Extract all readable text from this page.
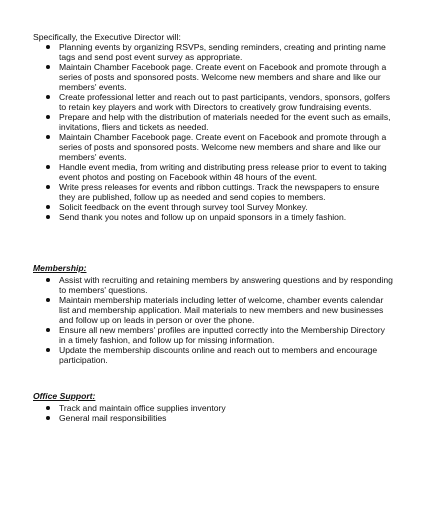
Specifically, the Executive Director will:
Planning events by organizing RSVPs, sending reminders, creating and printing name tags and send post event survey as appropriate.
Maintain Chamber Facebook page. Create event on Facebook and promote through a series of posts and sponsored posts. Welcome new members and share and like our members' events.
Create professional letter and reach out to past participants, vendors, sponsors, golfers to retain key players and work with Directors to creatively grow fundraising events.
Prepare and help with the distribution of materials needed for the event such as emails, invitations, fliers and tickets as needed.
Maintain Chamber Facebook page. Create event on Facebook and promote through a series of posts and sponsored posts. Welcome new members and share and like our members' events.
Handle event media, from writing and distributing press release prior to event to taking event photos and posting on Facebook within 48 hours of the event.
Write press releases for events and ribbon cuttings. Track the newspapers to ensure they are published, follow up as needed and send copies to members.
Solicit feedback on the event through survey tool Survey Monkey.
Send thank you notes and follow up on unpaid sponsors in a timely fashion.
Membership:
Assist with recruiting and retaining members by answering questions and by responding to members' questions.
Maintain membership materials including letter of welcome, chamber events calendar list and membership application. Mail materials to new members and new businesses and follow up on leads in person or over the phone.
Ensure all new members' profiles are inputted correctly into the Membership Directory in a timely fashion, and follow up for missing information.
Update the membership discounts online and reach out to members and encourage participation.
Office Support:
Track and maintain office supplies inventory
General mail responsibilities
